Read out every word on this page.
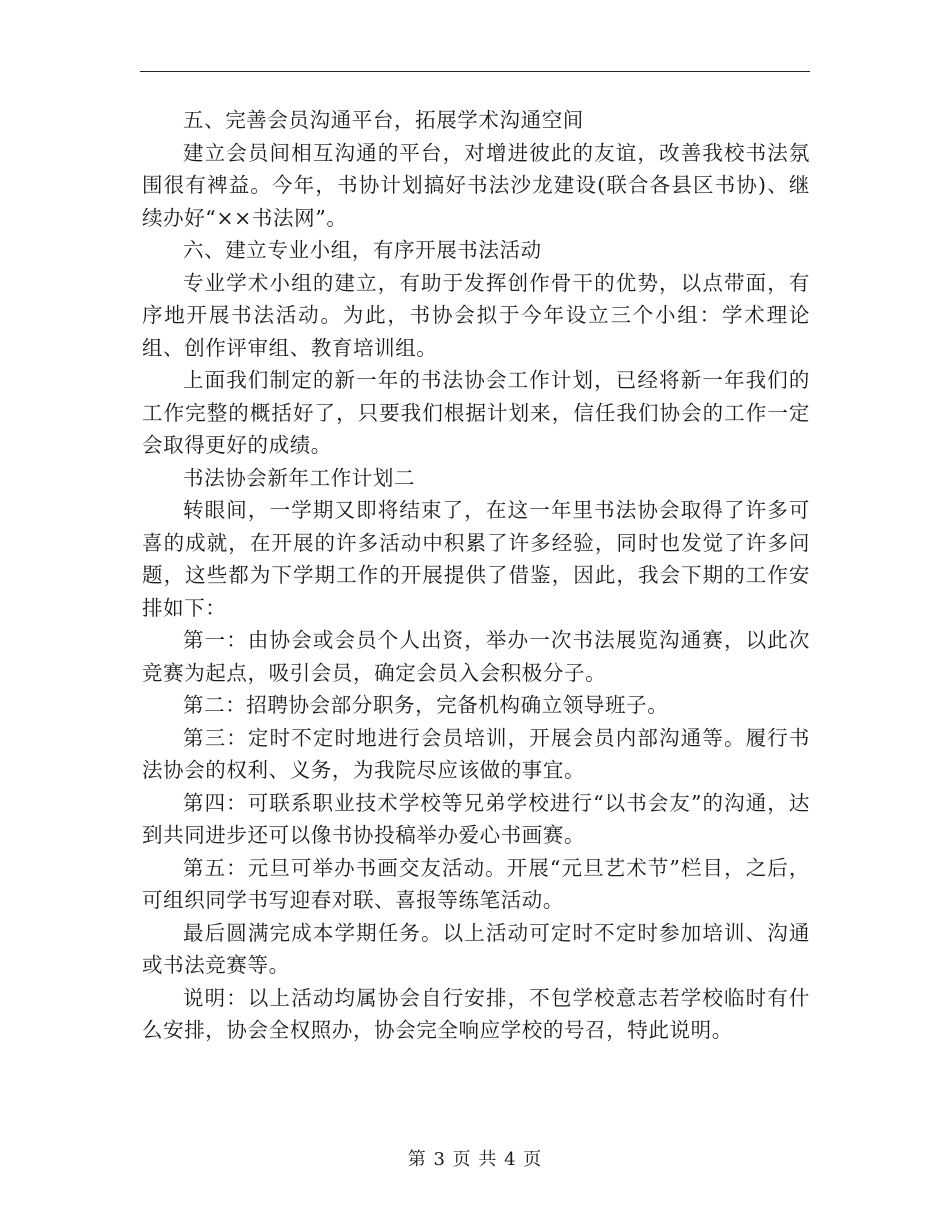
五、完善会员沟通平台，拓展学术沟通空间

建立会员间相互沟通的平台，对增进彼此的友谊，改善我校书法氛围很有裨益。今年，书协计划搞好书法沙龙建设(联合各县区书协)、继续办好“××书法网”。

六、建立专业小组，有序开展书法活动

专业学术小组的建立，有助于发挥创作骨干的优势，以点带面，有序地开展书法活动。为此，书协会拟于今年设立三个小组：学术理论组、创作评审组、教育培训组。

上面我们制定的新一年的书法协会工作计划，已经将新一年我们的工作完整的概括好了，只要我们根据计划来，信任我们协会的工作一定会取得更好的成绩。

书法协会新年工作计划二

转眼间，一学期又即将结束了，在这一年里书法协会取得了许多可喜的成就，在开展的许多活动中积累了许多经验，同时也发觉了许多问题，这些都为下学期工作的开展提供了借鉴，因此，我会下期的工作安排如下：

第一：由协会或会员个人出资，举办一次书法展览沟通赛，以此次竞赛为起点，吸引会员，确定会员入会积极分子。

第二：招聘协会部分职务，完备机构确立领导班子。

第三：定时不定时地进行会员培训，开展会员内部沟通等。履行书法协会的权利、义务，为我院尽应该做的事宜。

第四：可联系职业技术学校等兄弟学校进行“以书会友”的沟通，达到共同进步还可以像书协投稿举办爱心书画赛。

第五：元旦可举办书画交友活动。开展“元旦艺术节”栏目，之后，可组织同学书写迎春对联、喜报等练笔活动。

最后圆满完成本学期任务。以上活动可定时不定时参加培训、沟通或书法竞赛等。

说明：以上活动均属协会自行安排，不包学校意志若学校临时有什么安排，协会全权照办，协会完全响应学校的号召，特此说明。

第 3 页 共 4 页
